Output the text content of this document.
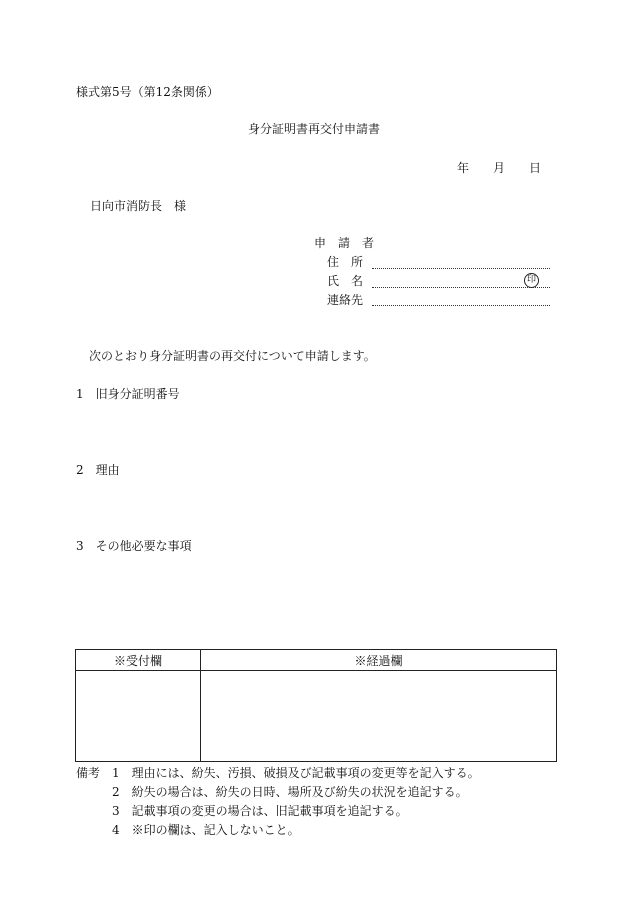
様式第5号（第12条関係）
身分証明書再交付申請書
年 月 日
日向市消防長　様
申　請　者
住　所
氏　名	印
連絡先
次のとおり身分証明書の再交付について申請します。
1　旧身分証明番号
2　理由
3　その他必要な事項
※受付欄	※経過欄

備考 1　理由には、紛失、汚損、破損及び記載事項の変更等を記入する。
2　紛失の場合は、紛失の日時、場所及び紛失の状況を追記する。
3　記載事項の変更の場合は、旧記載事項を追記する。
4　※印の欄は、記入しないこと。
